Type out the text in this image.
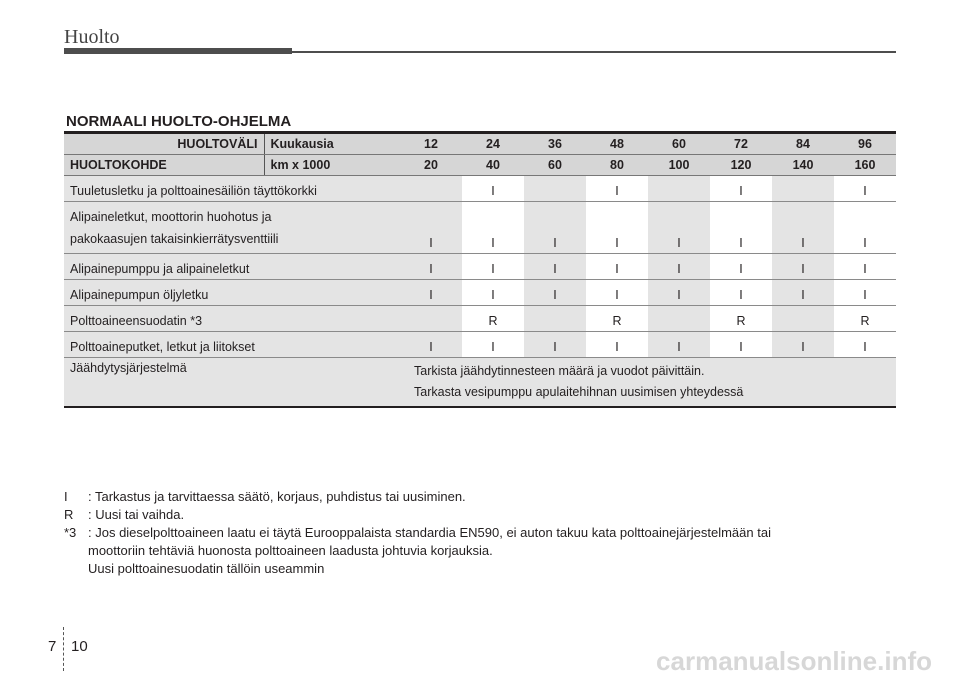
Huolto
NORMAALI HUOLTO-OHJELMA
HUOLTOVÄLI	Kuukausia	12	24	36	48	60	72	84	96
HUOLTOKOHDE	km x 1000	20	40	60	80	100	120	140	160
Tuuletusletku ja polttoainesäiliön täyttökorkki			I		I		I		I

Alipaineletkut, moottorin huohotus ja
pakokaasujen takaisinkierrätysventtiili		I	I	I	I	I	I	I	I
Alipainepumppu ja alipaineletkut		I	I	I	I	I	I	I	I
Alipainepumpun öljyletku		I	I	I	I	I	I	I	I
Polttoaineensuodatin *3			R		R		R		R
Polttoaineputket, letkut ja liitokset		I	I	I	I	I	I	I	I
Jäähdytysjärjestelmä		Tarkista jäähdytinnesteen määrä ja vuodot päivittäin.
Tarkasta vesipumppu apulaitehihnan uusimisen yhteydessä							
I : Tarkastus ja tarvittaessa säätö, korjaus, puhdistus tai uusiminen.
R : Uusi tai vaihda.
*3 : Jos dieselpolttoaineen laatu ei täytä Eurooppalaista standardia EN590, ei auton takuu kata polttoainejärjestelmään tai
moottoriin tehtäviä huonosta polttoaineen laadusta johtuvia korjauksia.
Uusi polttoainesuodatin tällöin useammin
7 10	carmanualsonline.info
